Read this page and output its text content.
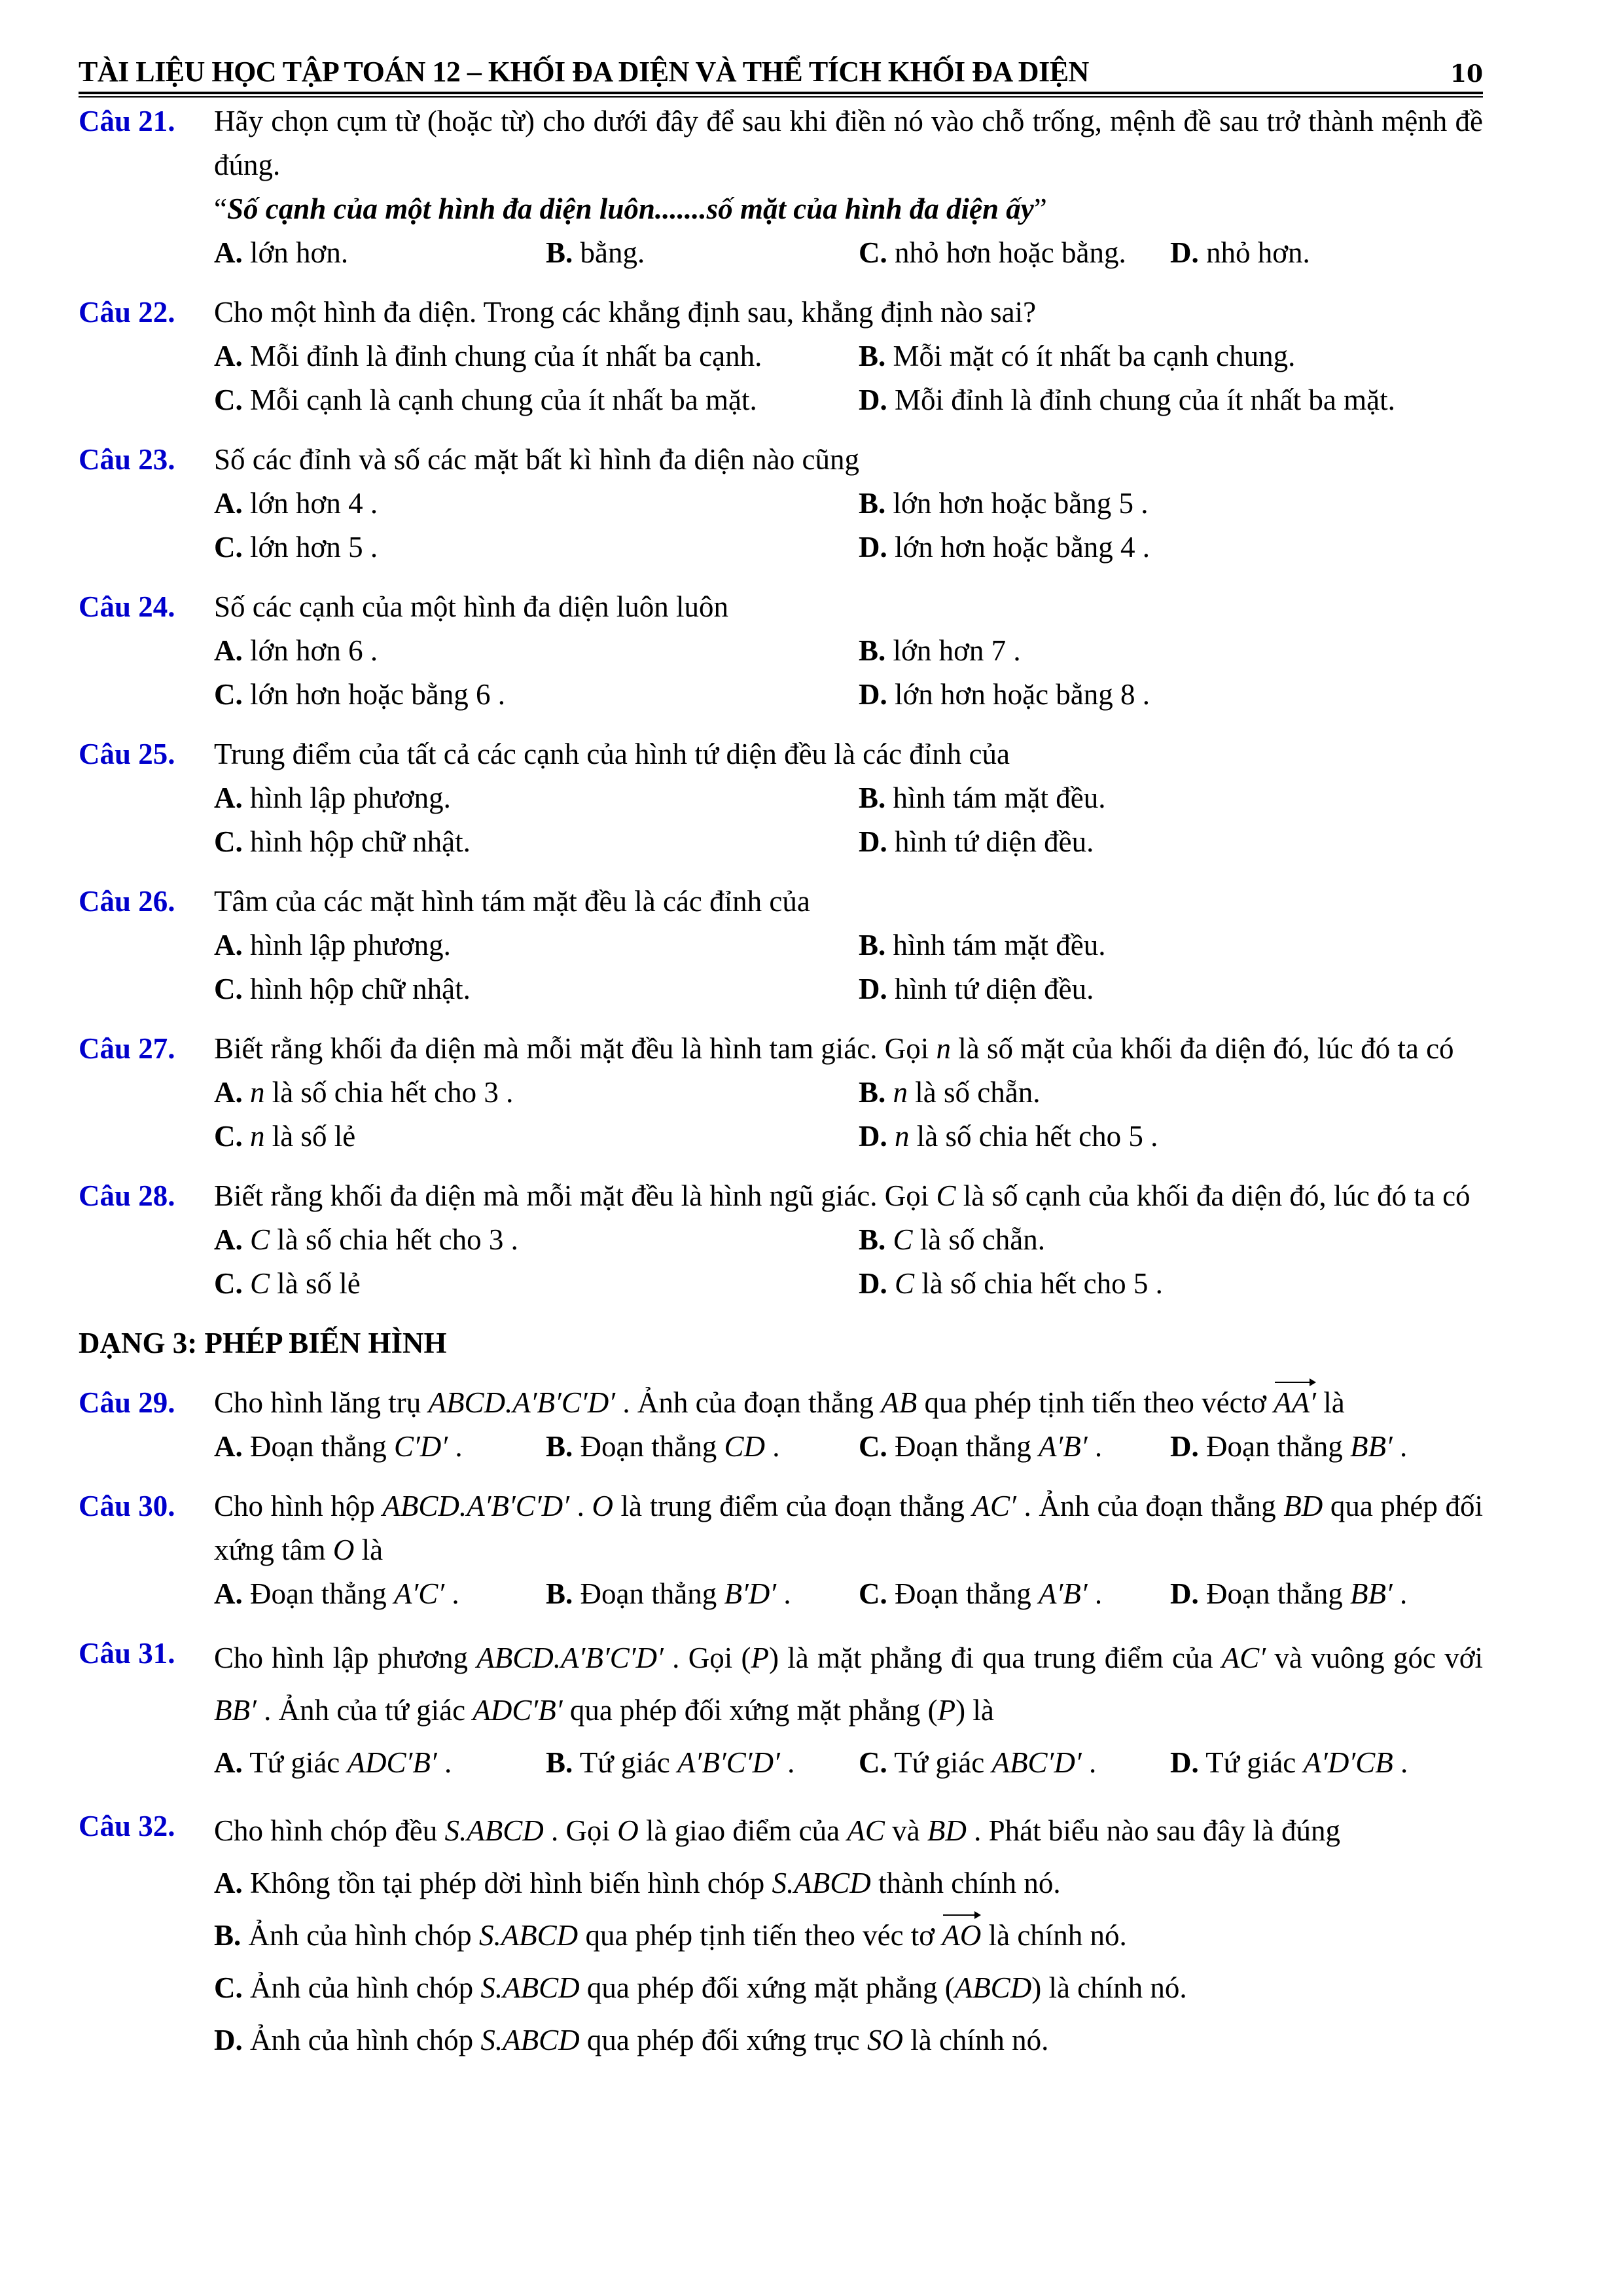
TÀI LIỆU HỌC TẬP TOÁN 12 – KHỐI ĐA DIỆN VÀ THỂ TÍCH KHỐI ĐA DIỆN	10
Câu 21. Hãy chọn cụm từ (hoặc từ) cho dưới đây để sau khi điền nó vào chỗ trống, mệnh đề sau trở thành mệnh đề đúng.
“Số cạnh của một hình đa diện luôn.......số mặt của hình đa diện ấy”
A. lớn hơn.	B. bằng.	C. nhỏ hơn hoặc bằng. D. nhỏ hơn.
Câu 22. Cho một hình đa diện. Trong các khẳng định sau, khẳng định nào sai?
A. Mỗi đỉnh là đỉnh chung của ít nhất ba cạnh.	B. Mỗi mặt có ít nhất ba cạnh chung.
C. Mỗi cạnh là cạnh chung của ít nhất ba mặt.	D. Mỗi đỉnh là đỉnh chung của ít nhất ba mặt.
Câu 23. Số các đỉnh và số các mặt bất kì hình đa diện nào cũng
A. lớn hơn 4 .	B. lớn hơn hoặc bằng 5 .
C. lớn hơn 5 .	D. lớn hơn hoặc bằng 4 .
Câu 24. Số các cạnh của một hình đa diện luôn luôn
A. lớn hơn 6 .	B. lớn hơn 7 .
C. lớn hơn hoặc bằng 6 .	D. lớn hơn hoặc bằng 8 .
Câu 25. Trung điểm của tất cả các cạnh của hình tứ diện đều là các đỉnh của
A. hình lập phương.	B. hình tám mặt đều.
C. hình hộp chữ nhật.	D. hình tứ diện đều.
Câu 26. Tâm của các mặt hình tám mặt đều là các đỉnh của
A. hình lập phương.	B. hình tám mặt đều.
C. hình hộp chữ nhật.	D. hình tứ diện đều.
Câu 27. Biết rằng khối đa diện mà mỗi mặt đều là hình tam giác. Gọi n là số mặt của khối đa diện đó, lúc đó ta có
A. n là số chia hết cho 3 .	B. n là số chẵn.
C. n là số lẻ	D. n là số chia hết cho 5 .
Câu 28. Biết rằng khối đa diện mà mỗi mặt đều là hình ngũ giác. Gọi C là số cạnh của khối đa diện đó, lúc đó ta có
A. C là số chia hết cho 3 .	B. C là số chẵn.
C. C là số lẻ	D. C là số chia hết cho 5 .
DẠNG 3: PHÉP BIẾN HÌNH
Câu 29. Cho hình lăng trụ ABCD.A′B′C′D′ . Ảnh của đoạn thẳng AB qua phép tịnh tiến theo véctơ AA′ là
A. Đoạn thẳng C′D′ .	B. Đoạn thẳng CD .	C. Đoạn thẳng A′B′ . D. Đoạn thẳng BB′ .
Câu 30. Cho hình hộp ABCD.A′B′C′D′ . O là trung điểm của đoạn thẳng AC′ . Ảnh của đoạn thẳng BD qua phép đối xứng tâm O là
A. Đoạn thẳng A′C′ .	B. Đoạn thẳng B′D′ . C. Đoạn thẳng A′B′ . D. Đoạn thẳng BB′ .
Câu 31. Cho hình lập phương ABCD.A′B′C′D′ . Gọi (P) là mặt phẳng đi qua trung điểm của AC′ và vuông góc với BB′ . Ảnh của tứ giác ADC′B′ qua phép đối xứng mặt phẳng (P) là
A. Tứ giác ADC′B′ .	B. Tứ giác A′B′C′D′ . C. Tứ giác ABC′D′ .	D. Tứ giác A′D′CB .
Câu 32. Cho hình chóp đều S.ABCD . Gọi O là giao điểm của AC và BD . Phát biểu nào sau đây là đúng
A. Không tồn tại phép dời hình biến hình chóp S.ABCD thành chính nó.
B. Ảnh của hình chóp S.ABCD qua phép tịnh tiến theo véc tơ AO là chính nó.
C. Ảnh của hình chóp S.ABCD qua phép đối xứng mặt phẳng (ABCD) là chính nó.
D. Ảnh của hình chóp S.ABCD qua phép đối xứng trục SO là chính nó.
